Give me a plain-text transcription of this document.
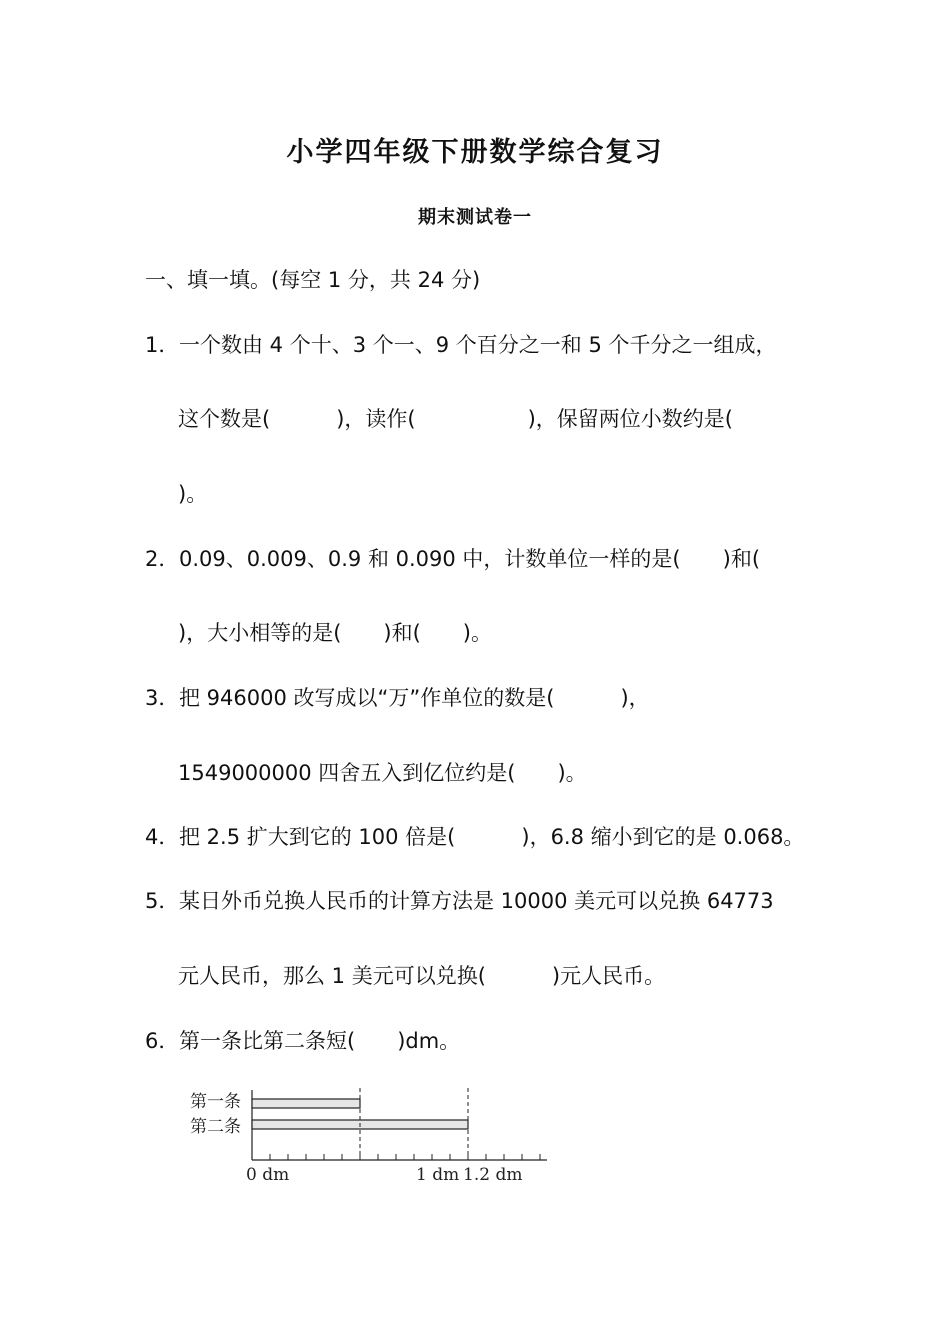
小学四年级下册数学综合复习
期末测试卷一
一、填一填。(每空 1 分，共 24 分)
1．一个数由 4 个十、3 个一、9 个百分之一和 5 个千分之一组成，
这个数是(	)，读作(	)，保留两位小数约是(
)。
2．0.09、0.009、0.9 和 0.090 中，计数单位一样的是( )和(
)，大小相等的是( )和( )。
3．把 946000 改写成以“万”作单位的数是(	)，
1549000000 四舍五入到亿位约是( )。
4．把 2.5 扩大到它的 100 倍是(	)，6.8 缩小到它的是 0.068。
5．某日外币兑换人民币的计算方法是 10000 美元可以兑换 64773
元人民币，那么 1 美元可以兑换(	)元人民币。
6．第一条比第二条短( )dm。
第一条
第二条
0 dm	1 dm 1.2 dm
